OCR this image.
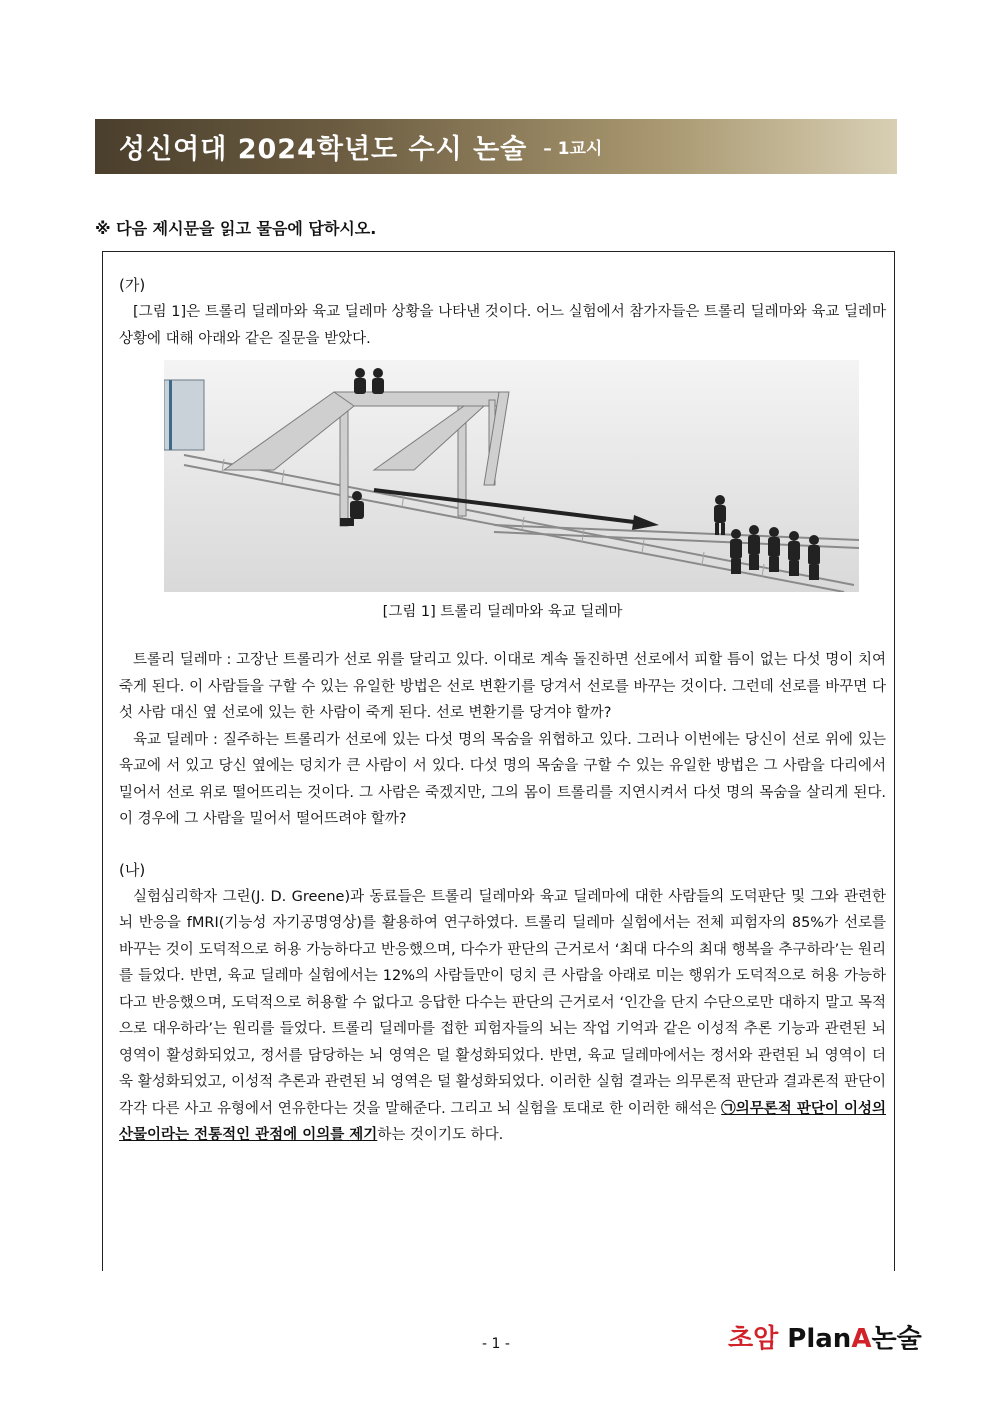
성신여대 2024학년도 수시 논술 – 1교시
※ 다음 제시문을 읽고 물음에 답하시오.
(가)

[그림 1]은 트롤리 딜레마와 육교 딜레마 상황을 나타낸 것이다. 어느 실험에서 참가자들은 트롤리 딜레마와 육교 딜레마 상황에 대해 아래와 같은 질문을 받았다.

[그림 1] 트롤리 딜레마와 육교 딜레마

트롤리 딜레마 : 고장난 트롤리가 선로 위를 달리고 있다. 이대로 계속 돌진하면 선로에서 피할 틈이 없는 다섯 명이 치여 죽게 된다. 이 사람들을 구할 수 있는 유일한 방법은 선로 변환기를 당겨서 선로를 바꾸는 것이다. 그런데 선로를 바꾸면 다섯 사람 대신 옆 선로에 있는 한 사람이 죽게 된다. 선로 변환기를 당겨야 할까?

육교 딜레마 : 질주하는 트롤리가 선로에 있는 다섯 명의 목숨을 위협하고 있다. 그러나 이번에는 당신이 선로 위에 있는 육교에 서 있고 당신 옆에는 덩치가 큰 사람이 서 있다. 다섯 명의 목숨을 구할 수 있는 유일한 방법은 그 사람을 다리에서 밀어서 선로 위로 떨어뜨리는 것이다. 그 사람은 죽겠지만, 그의 몸이 트롤리를 지연시켜서 다섯 명의 목숨을 살리게 된다. 이 경우에 그 사람을 밀어서 떨어뜨려야 할까?

(나)

실험심리학자 그린(J. D. Greene)과 동료들은 트롤리 딜레마와 육교 딜레마에 대한 사람들의 도덕판단 및 그와 관련한 뇌 반응을 fMRI(기능성 자기공명영상)를 활용하여 연구하였다. 트롤리 딜레마 실험에서는 전체 피험자의 85%가 선로를 바꾸는 것이 도덕적으로 허용 가능하다고 반응했으며, 다수가 판단의 근거로서 ‘최대 다수의 최대 행복을 추구하라’는 원리를 들었다. 반면, 육교 딜레마 실험에서는 12%의 사람들만이 덩치 큰 사람을 아래로 미는 행위가 도덕적으로 허용 가능하다고 반응했으며, 도덕적으로 허용할 수 없다고 응답한 다수는 판단의 근거로서 ‘인간을 단지 수단으로만 대하지 말고 목적으로 대우하라’는 원리를 들었다. 트롤리 딜레마를 접한 피험자들의 뇌는 작업 기억과 같은 이성적 추론 기능과 관련된 뇌 영역이 활성화되었고, 정서를 담당하는 뇌 영역은 덜 활성화되었다. 반면, 육교 딜레마에서는 정서와 관련된 뇌 영역이 더욱 활성화되었고, 이성적 추론과 관련된 뇌 영역은 덜 활성화되었다. 이러한 실험 결과는 의무론적 판단과 결과론적 판단이 각각 다른 사고 유형에서 연유한다는 것을 말해준다. 그리고 뇌 실험을 토대로 한 이러한 해석은 ㉠의무론적 판단이 이성의 산물이라는 전통적인 관점에 이의를 제기하는 것이기도 하다.

- 1 -	초암 PlanA논술
